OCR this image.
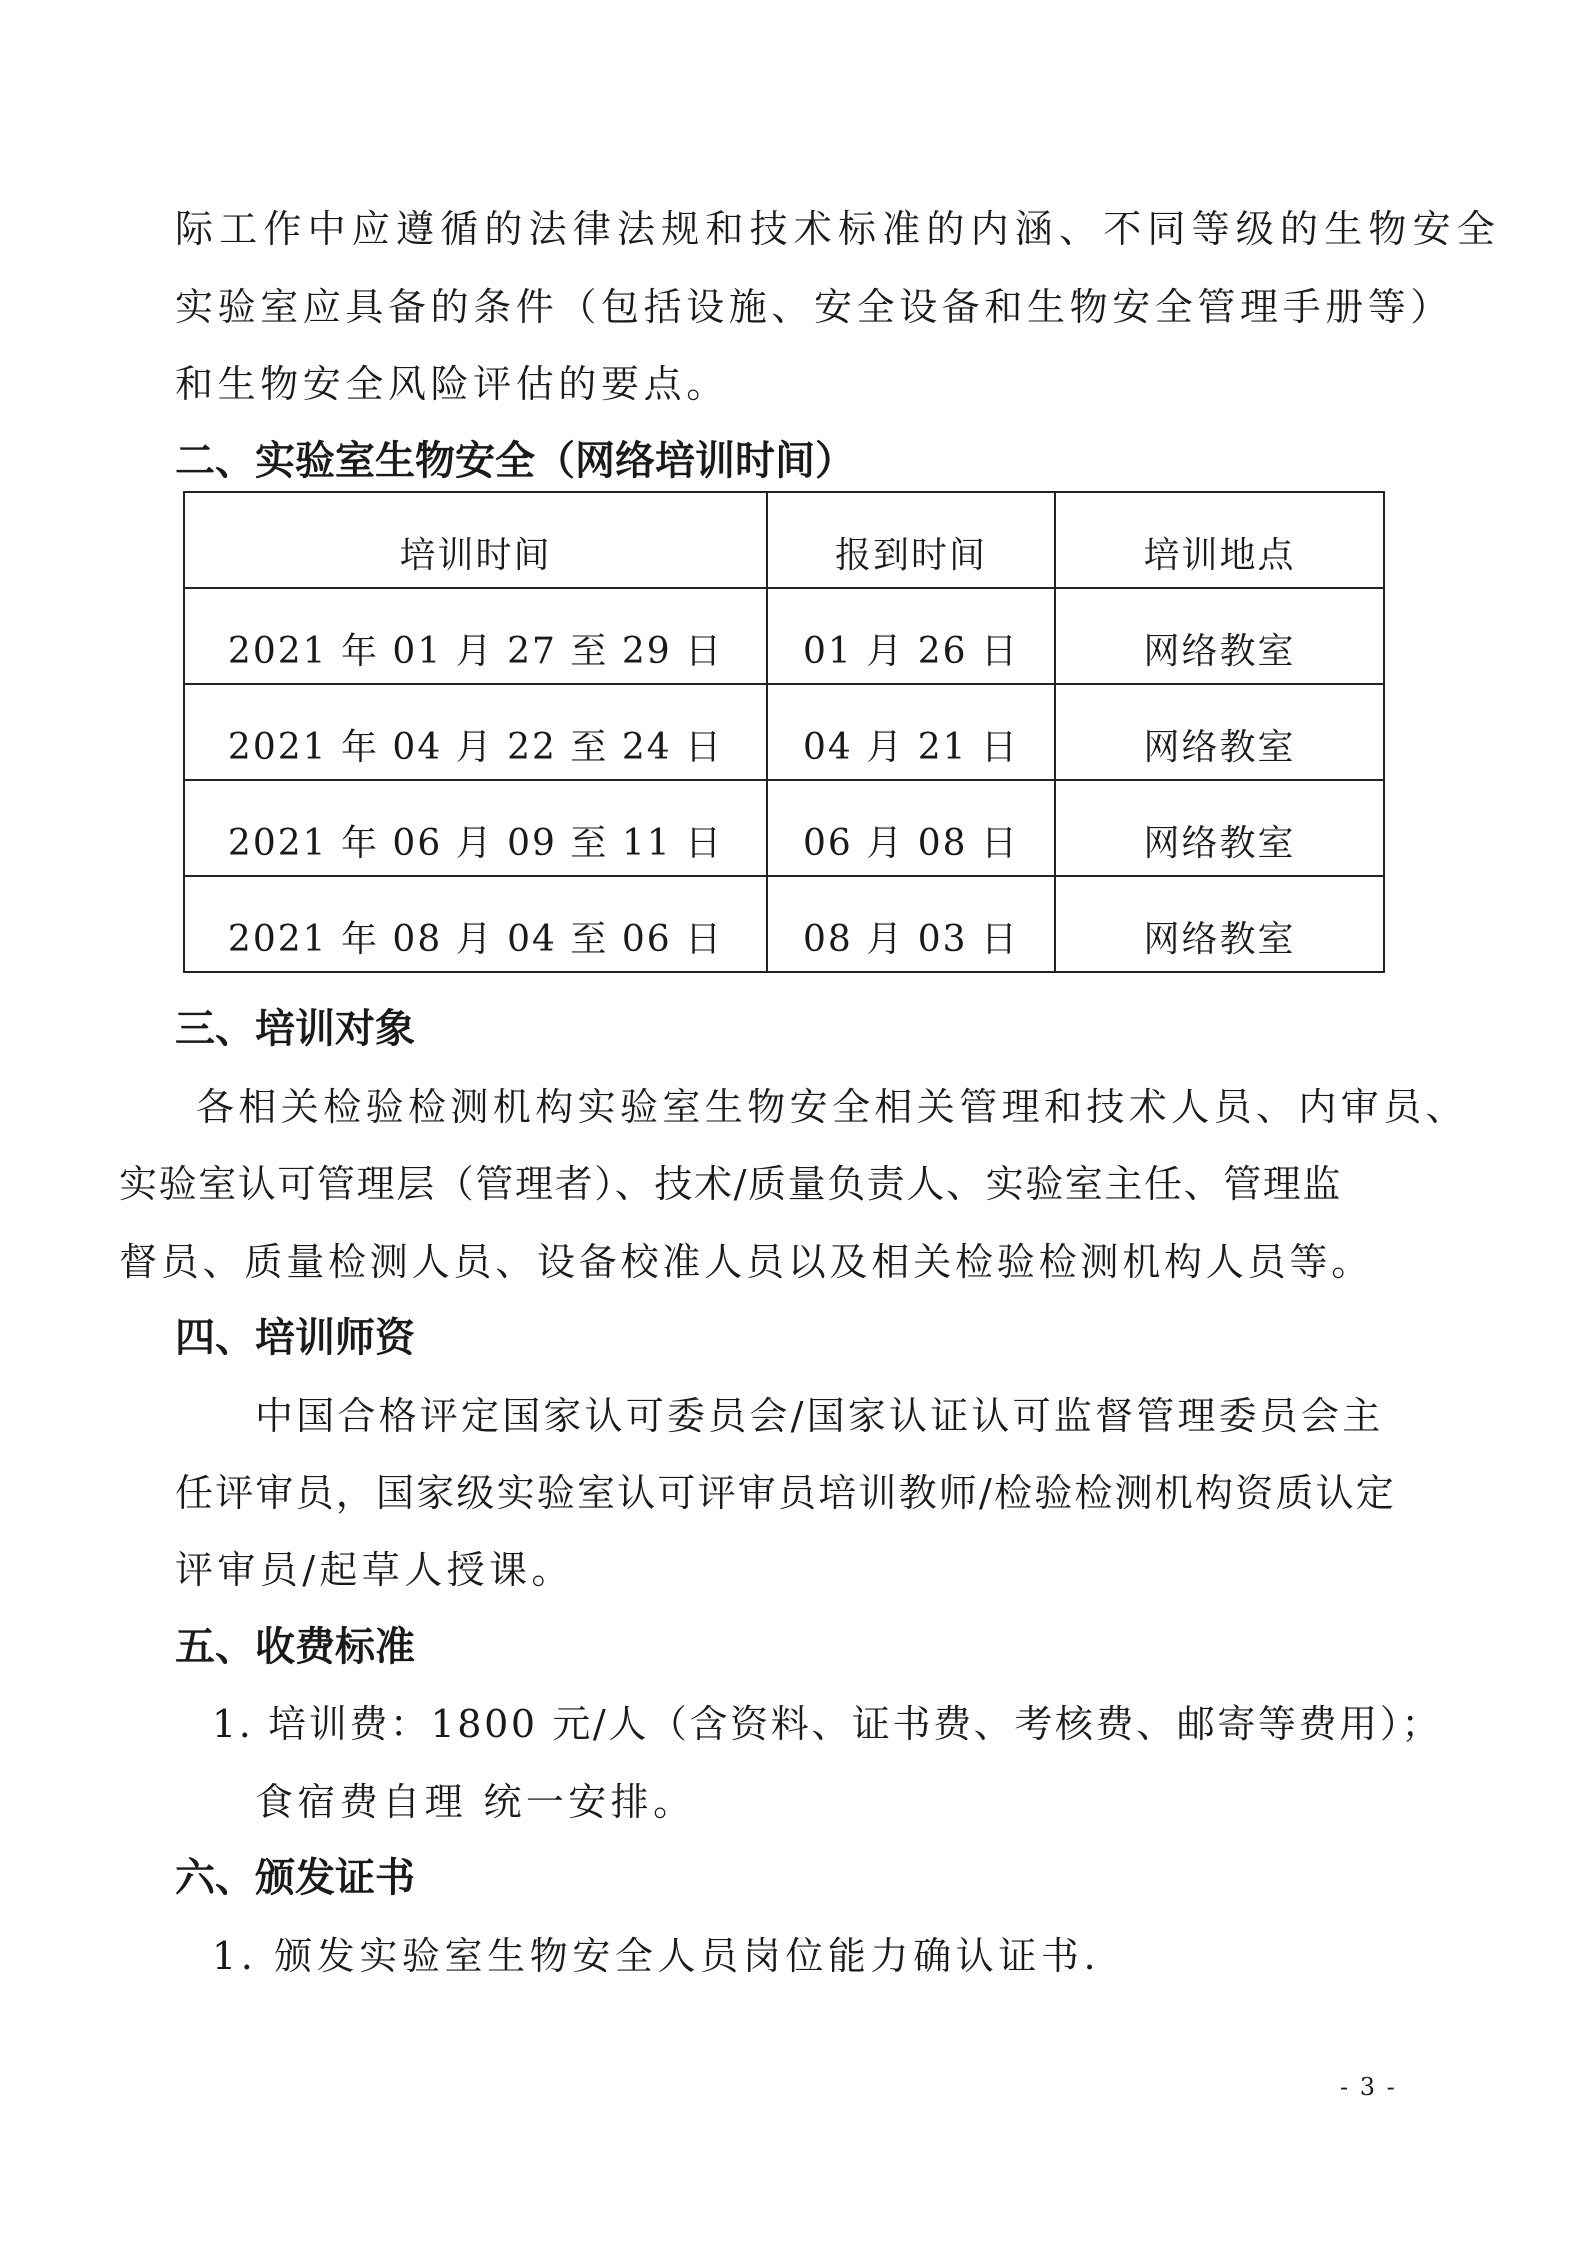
际工作中应遵循的法律法规和技术标准的内涵、不同等级的生物安全
实验室应具备的条件（包括设施、安全设备和生物安全管理手册等）
和生物安全风险评估的要点。
二、实验室生物安全（网络培训时间）
培训时间	报到时间	培训地点
2021 年 01 月 27 至 29 日	01 月 26 日	网络教室
2021 年 04 月 22 至 24 日	04 月 21 日	网络教室
2021 年 06 月 09 至 11 日	06 月 08 日	网络教室
2021 年 08 月 04 至 06 日	08 月 03 日	网络教室
三、培训对象
各相关检验检测机构实验室生物安全相关管理和技术人员、内审员、
实验室认可管理层（管理者）、技术/质量负责人、实验室主任、管理监
督员、质量检测人员、设备校准人员以及相关检验检测机构人员等。
四、培训师资
中国合格评定国家认可委员会/国家认证认可监督管理委员会主
任评审员，国家级实验室认可评审员培训教师/检验检测机构资质认定
评审员/起草人授课。
五、收费标准
1. 培训费：1800 元/人（含资料、证书费、考核费、邮寄等费用）；
食宿费自理 统一安排。
六、颁发证书
1. 颁发实验室生物安全人员岗位能力确认证书.
- 3 -
